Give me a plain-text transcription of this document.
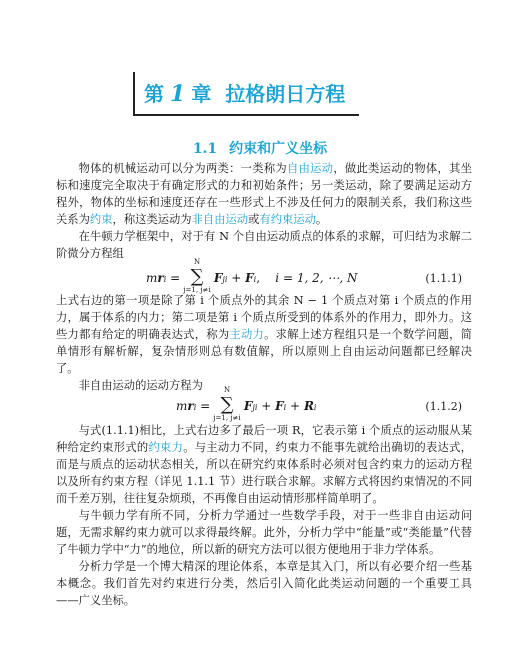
第 1 章 拉格朗日方程
1.1 约束和广义坐标

物体的机械运动可以分为两类：一类称为自由运动，做此类运动的物体，其坐标和速度完全取决于有确定形式的力和初始条件；另一类运动，除了要满足运动方程外，物体的坐标和速度还存在一些形式上不涉及任何力的限制关系，我们称这些关系为约束，称这类运动为非自由运动或有约束运动。

在牛顿力学框架中，对于有 N 个自由运动质点的体系的求解，可归结为求解二阶微分方程组

mri =
N
∑
j=1, j≠i
Fji + Fi,    i = 1, 2, ⋯, N	(1.1.1)

上式右边的第一项是除了第 i 个质点外的其余 N − 1 个质点对第 i 个质点的作用力，属于体系的内力；第二项是第 i 个质点所受到的体系外的作用力，即外力。这些力都有给定的明确表达式，称为主动力。求解上述方程组只是一个数学问题，简单情形有解析解，复杂情形则总有数值解，所以原则上自由运动问题都已经解决了。

非自由运动的运动方程为

mri =
N
∑
j=1, j≠i
Fji + Fi + Ri	(1.1.2)

与式(1.1.1)相比，上式右边多了最后一项 R，它表示第 i 个质点的运动服从某种给定约束形式的约束力。与主动力不同，约束力不能事先就给出确切的表达式，而是与质点的运动状态相关，所以在研究约束体系时必须对包含约束力的运动方程以及所有约束方程（详见 1.1.1 节）进行联合求解。求解方式将因约束情况的不同而千差万别，往往复杂烦琐，不再像自由运动情形那样简单明了。

与牛顿力学有所不同，分析力学通过一些数学手段，对于一些非自由运动问题，无需求解约束力就可以求得最终解。此外，分析力学中“能量”或“类能量”代替了牛顿力学中“力”的地位，所以新的研究方法可以很方便地用于非力学体系。

分析力学是一个博大精深的理论体系，本章是其入门，所以有必要介绍一些基本概念。我们首先对约束进行分类，然后引入简化此类运动问题的一个重要工具——广义坐标。
